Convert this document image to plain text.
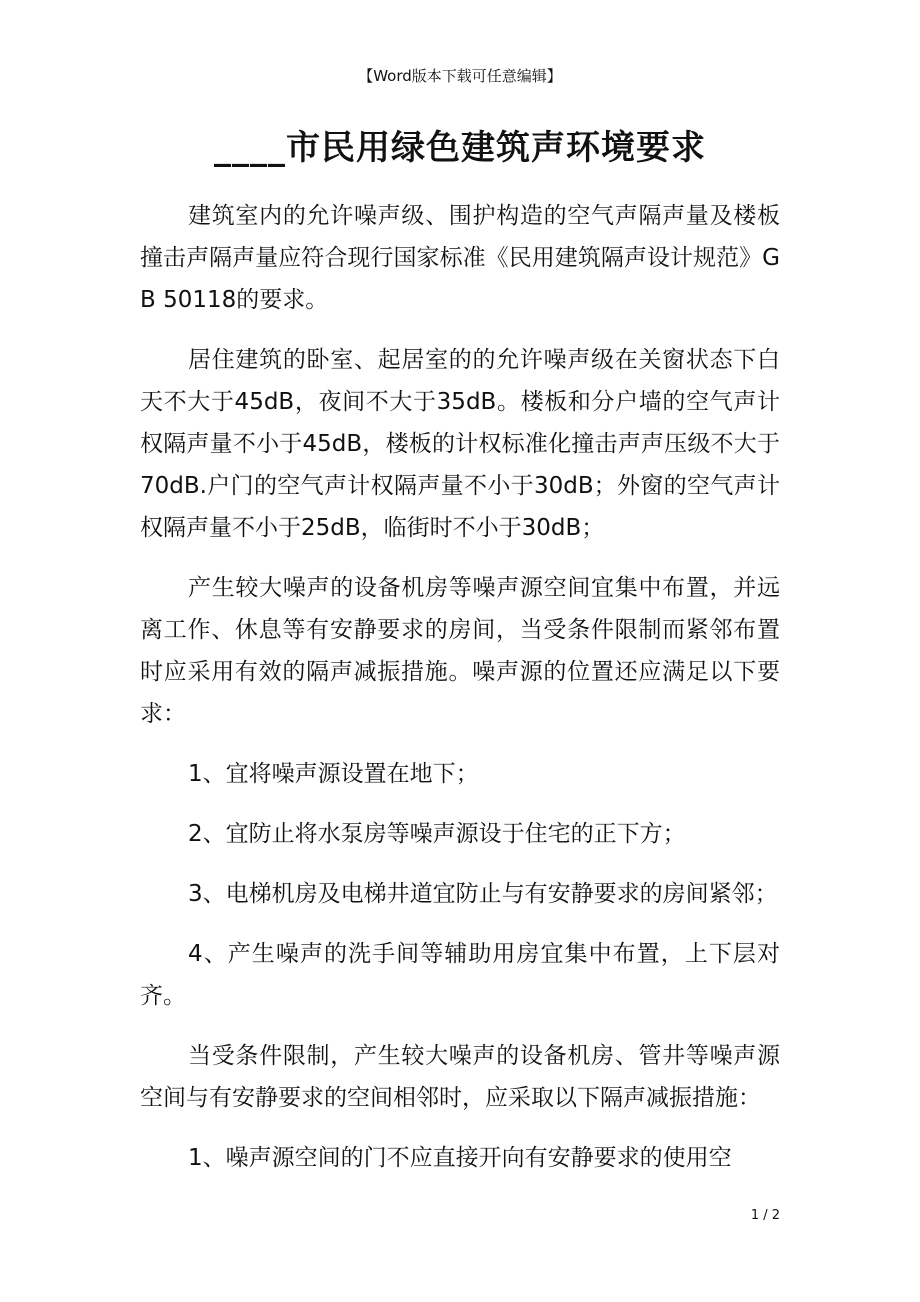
【Word版本下载可任意编辑】
____市民用绿色建筑声环境要求

建筑室内的允许噪声级、围护构造的空气声隔声量及楼板撞击声隔声量应符合现行国家标准《民用建筑隔声设计规范》GB 50118的要求。

居住建筑的卧室、起居室的的允许噪声级在关窗状态下白天不大于45dB，夜间不大于35dB。楼板和分户墙的空气声计权隔声量不小于45dB，楼板的计权标准化撞击声声压级不大于70dB.户门的空气声计权隔声量不小于30dB；外窗的空气声计权隔声量不小于25dB，临街时不小于30dB；

产生较大噪声的设备机房等噪声源空间宜集中布置，并远离工作、休息等有安静要求的房间，当受条件限制而紧邻布置时应采用有效的隔声减振措施。噪声源的位置还应满足以下要求：

1、宜将噪声源设置在地下；

2、宜防止将水泵房等噪声源设于住宅的正下方；

3、电梯机房及电梯井道宜防止与有安静要求的房间紧邻；

4、产生噪声的洗手间等辅助用房宜集中布置，上下层对齐。

当受条件限制，产生较大噪声的设备机房、管井等噪声源空间与有安静要求的空间相邻时，应采取以下隔声减振措施：

1、噪声源空间的门不应直接开向有安静要求的使用空

1 / 2
